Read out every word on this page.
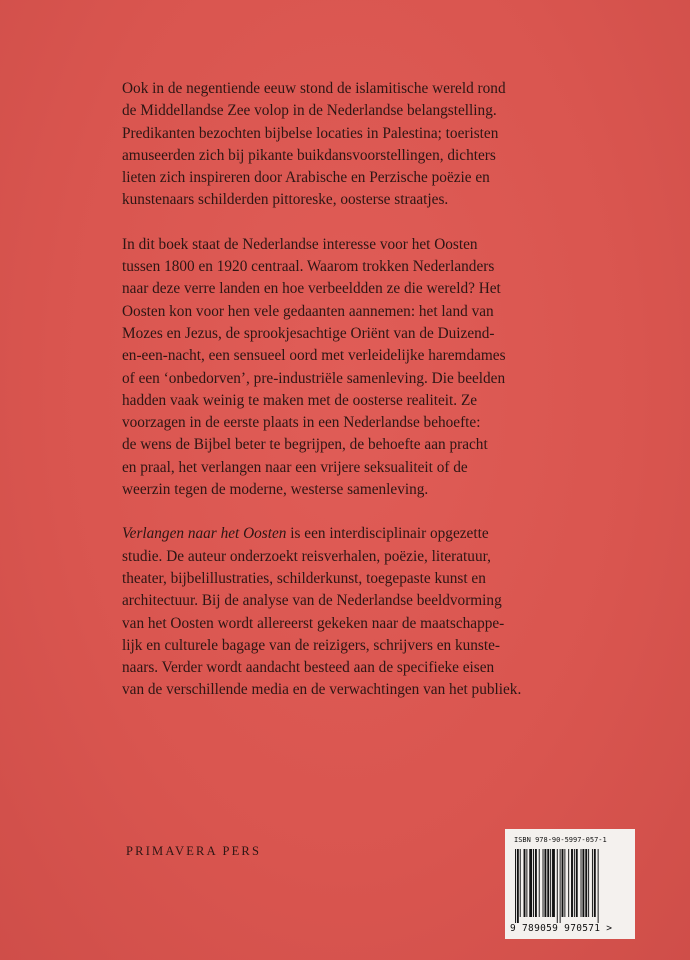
Ook in de negentiende eeuw stond de islamitische wereld rond
de Middellandse Zee volop in de Nederlandse belangstelling.
Predikanten bezochten bijbelse locaties in Palestina; toeristen
amuseerden zich bij pikante buikdansvoorstellingen, dichters
lieten zich inspireren door Arabische en Perzische poëzie en
kunstenaars schilderden pittoreske, oosterse straatjes.

In dit boek staat de Nederlandse interesse voor het Oosten
tussen 1800 en 1920 centraal. Waarom trokken Nederlanders
naar deze verre landen en hoe verbeeldden ze die wereld? Het
Oosten kon voor hen vele gedaanten aannemen: het land van
Mozes en Jezus, de sprookjesachtige Oriënt van de Duizend-
en-een-nacht, een sensueel oord met verleidelijke haremdames
of een ‘onbedorven’, pre-industriële samenleving. Die beelden
hadden vaak weinig te maken met de oosterse realiteit. Ze
voorzagen in de eerste plaats in een Nederlandse behoefte:
de wens de Bijbel beter te begrijpen, de behoefte aan pracht
en praal, het verlangen naar een vrijere seksualiteit of de
weerzin tegen de moderne, westerse samenleving.

Verlangen naar het Oosten is een interdisciplinair opgezette
studie. De auteur onderzoekt reisverhalen, poëzie, literatuur,
theater, bijbelillustraties, schilderkunst, toegepaste kunst en
architectuur. Bij de analyse van de Nederlandse beeldvorming
van het Oosten wordt allereerst gekeken naar de maatschappe-
lijk en culturele bagage van de reizigers, schrijvers en kunste-
naars. Verder wordt aandacht besteed aan de specifieke eisen
van de verschillende media en de verwachtingen van het publiek.

PRIMAVERA PERS
ISBN 978-90-5997-057-1
9 789059 970571 >
